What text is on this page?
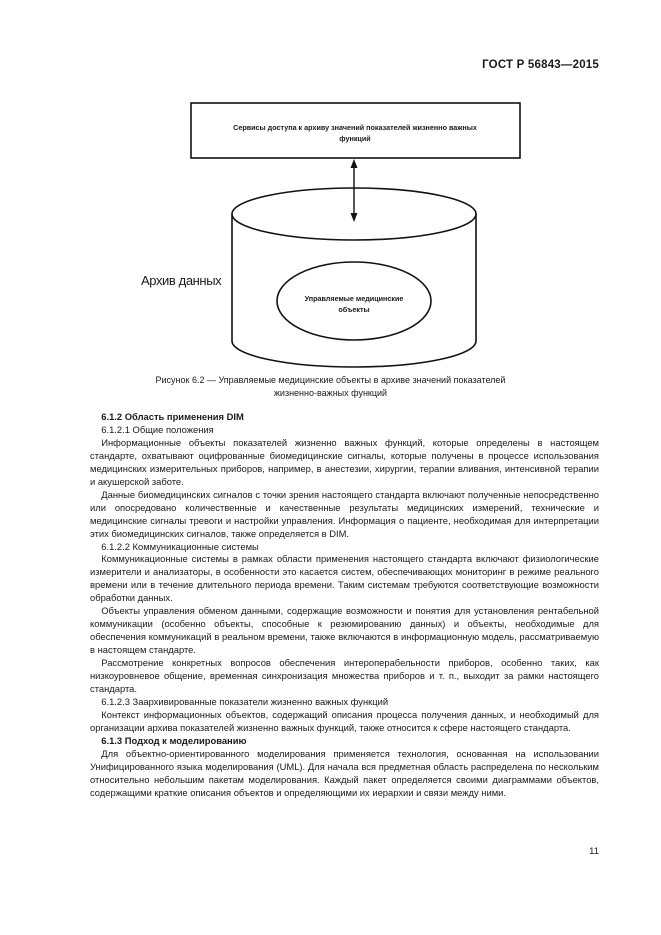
ГОСТ Р 56843—2015
Сервисы доступа к архиву значений показателей жизненно важных
функций
Управляемые медицинские
объекты
Архив данных
Рисунок 6.2 — Управляемые медицинские объекты в архиве значений показателей
жизненно-важных функций

6.1.2 Область применения DIM

6.1.2.1 Общие положения

Информационные объекты показателей жизненно важных функций, которые определены в настоящем стандарте, охватывают оцифрованные биомедицинские сигналы, которые получены в процессе использования медицинских измерительных приборов, например, в анестезии, хирургии, терапии вливания, интенсивной терапии и акушерской заботе.

Данные биомедицинских сигналов с точки зрения настоящего стандарта включают полученные непосредственно или опосредовано количественные и качественные результаты медицинских измерений, технические и медицинские сигналы тревоги и настройки управления. Информация о пациенте, необходимая для интерпретации этих биомедицинских сигналов, также определяется в DIM.

6.1.2.2 Коммуникационные системы

Коммуникационные системы в рамках области применения настоящего стандарта включают физиологические измерители и анализаторы, в особенности это касается систем, обеспечивающих мониторинг в режиме реального времени или в течение длительного периода времени. Таким системам требуются соответствующие возможности обработки данных.

Объекты управления обменом данными, содержащие возможности и понятия для установления рентабельной коммуникации (особенно объекты, способные к резюмированию данных) и объекты, необходимые для обеспечения коммуникаций в реальном времени, также включаются в информационную модель, рассматриваемую в настоящем стандарте.

Рассмотрение конкретных вопросов обеспечения интероперабельности приборов, особенно таких, как низкоуровневое общение, временная синхронизация множества приборов и т. п., выходит за рамки настоящего стандарта.

6.1.2.3 Заархивированные показатели жизненно важных функций

Контекст информационных объектов, содержащий описания процесса получения данных, и необходимый для организации архива показателей жизненно важных функций, также относится к сфере настоящего стандарта.

6.1.3 Подход к моделированию

Для объектно-ориентированного моделирования применяется технология, основанная на использовании Унифицированного языка моделирования (UML). Для начала вся предметная область распределена по нескольким относительно небольшим пакетам моделирования. Каждый пакет определяется своими диаграммами объектов, содержащими краткие описания объектов и определяющими их иерархии и связи между ними.

11
